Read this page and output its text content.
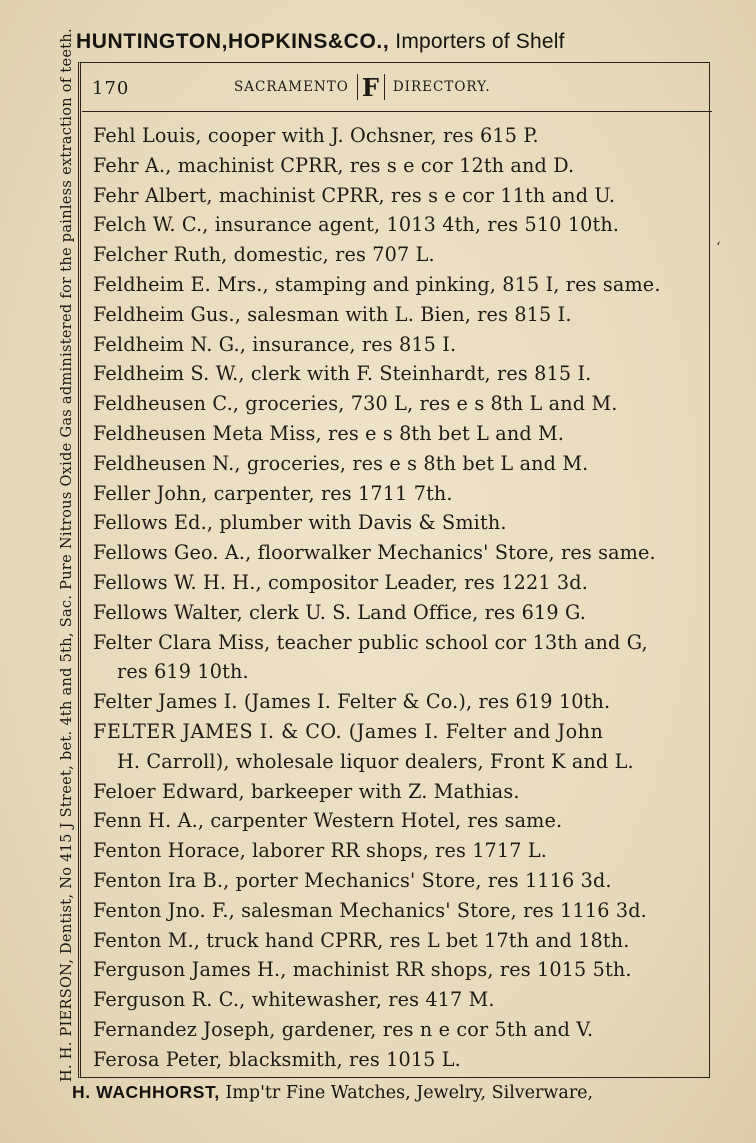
HUNTINGTON,HOPKINS&CO., Importers of Shelf
H. H. PIERSON, Dentist, No 415 J Street, bet. 4th and 5th, Sac. Pure Nitrous Oxide Gas administered for the painless extraction of teeth. 170	SACRAMENTO F DIRECTORY.
Fehl Louis, cooper with J. Ochsner, res 615 P.
Fehr A., machinist CPRR, res s e cor 12th and D.
Fehr Albert, machinist CPRR, res s e cor 11th and U.
Felch W. C., insurance agent, 1013 4th, res 510 10th.
Felcher Ruth, domestic, res 707 L.
Feldheim E. Mrs., stamping and pinking, 815 I, res same.
Feldheim Gus., salesman with L. Bien, res 815 I.
Feldheim N. G., insurance, res 815 I.
Feldheim S. W., clerk with F. Steinhardt, res 815 I.
Feldheusen C., groceries, 730 L, res e s 8th L and M.
Feldheusen Meta Miss, res e s 8th bet L and M.
Feldheusen N., groceries, res e s 8th bet L and M.
Feller John, carpenter, res 1711 7th.
Fellows Ed., plumber with Davis & Smith.
Fellows Geo. A., floorwalker Mechanics' Store, res same.
Fellows W. H. H., compositor Leader, res 1221 3d.
Fellows Walter, clerk U. S. Land Office, res 619 G.
Felter Clara Miss, teacher public school cor 13th and G,
res 619 10th.
Felter James I. (James I. Felter & Co.), res 619 10th.
FELTER JAMES I. & CO. (James I. Felter and John
H. Carroll), wholesale liquor dealers, Front K and L.
Feloer Edward, barkeeper with Z. Mathias.
Fenn H. A., carpenter Western Hotel, res same.
Fenton Horace, laborer RR shops, res 1717 L.
Fenton Ira B., porter Mechanics' Store, res 1116 3d.
Fenton Jno. F., salesman Mechanics' Store, res 1116 3d.
Fenton M., truck hand CPRR, res L bet 17th and 18th.
Ferguson James H., machinist RR shops, res 1015 5th.
Ferguson R. C., whitewasher, res 417 M.
Fernandez Joseph, gardener, res n e cor 5th and V.
Ferosa Peter, blacksmith, res 1015 L.
‘
H. WACHHORST, Imp'tr Fine Watches, Jewelry, Silverware,
